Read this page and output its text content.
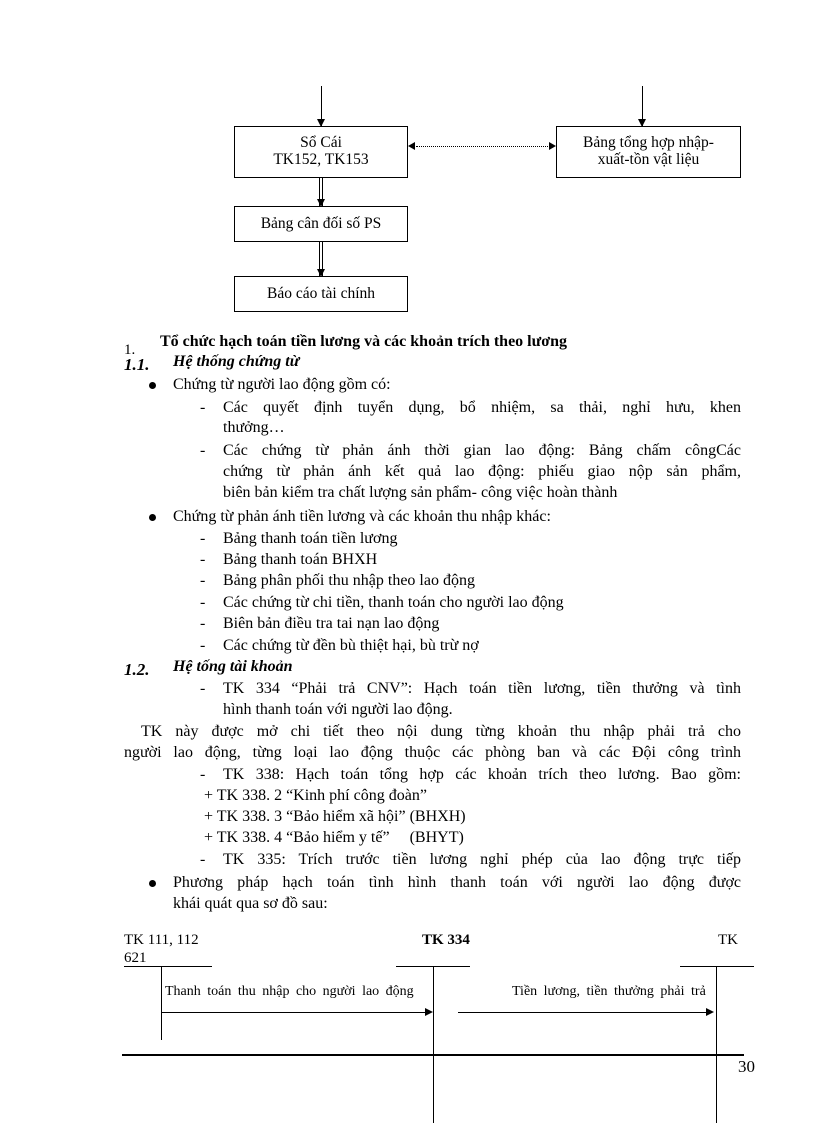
Sổ Cái
TK152, TK153
Bảng tổng hợp nhập-
xuất-tồn vật liệu
Bảng cân đối số PS
Báo cáo tài chính
1. Tổ chức hạch toán tiền lương và các khoản trích theo lương
1.1. Hệ thống chứng từ
Chứng từ người lao động gồm có:
- Các quyết định tuyển dụng, bổ nhiệm, sa thải, nghỉ hưu, khen
thưởng…
- Các chứng từ phản ánh thời gian lao động: Bảng chấm côngCác
chứng từ phản ánh kết quả lao động: phiếu giao nộp sản phẩm,
biên bản kiểm tra chất lượng sản phẩm- công việc hoàn thành
Chứng từ phản ánh tiền lương và các khoản thu nhập khác:
- Bảng thanh toán tiền lương
- Bảng thanh toán BHXH
- Bảng phân phối thu nhập theo lao động
- Các chứng từ chi tiền, thanh toán cho người lao động
- Biên bản điều tra tai nạn lao động
- Các chứng từ đền bù thiệt hại, bù trừ nợ
1.2. Hệ tống tài khoản
- TK 334 “Phải trả CNV”: Hạch toán tiền lương, tiền thưởng và tình
hình thanh toán với người lao động.
TK này được mở chi tiết theo nội dung từng khoản thu nhập phải trả cho
người lao động, từng loại lao động thuộc các phòng ban và các Đội công trình
- TK 338: Hạch toán tổng hợp các khoản trích theo lương. Bao gồm:
+ TK 338. 2 “Kinh phí công đoàn”
+ TK 338. 3 “Bảo hiểm xã hội” (BHXH)
+ TK 338. 4 “Bảo hiểm y tế”     (BHYT)
- TK 335: Trích trước tiền lương nghỉ phép của lao động trực tiếp
Phương pháp hạch toán tình hình thanh toán với người lao động được
khái quát qua sơ đồ sau:
TK 111, 112
621
TK 334	TK
Thanh toán thu nhập cho người lao động	Tiền lương, tiền thưởng phải trả
30
